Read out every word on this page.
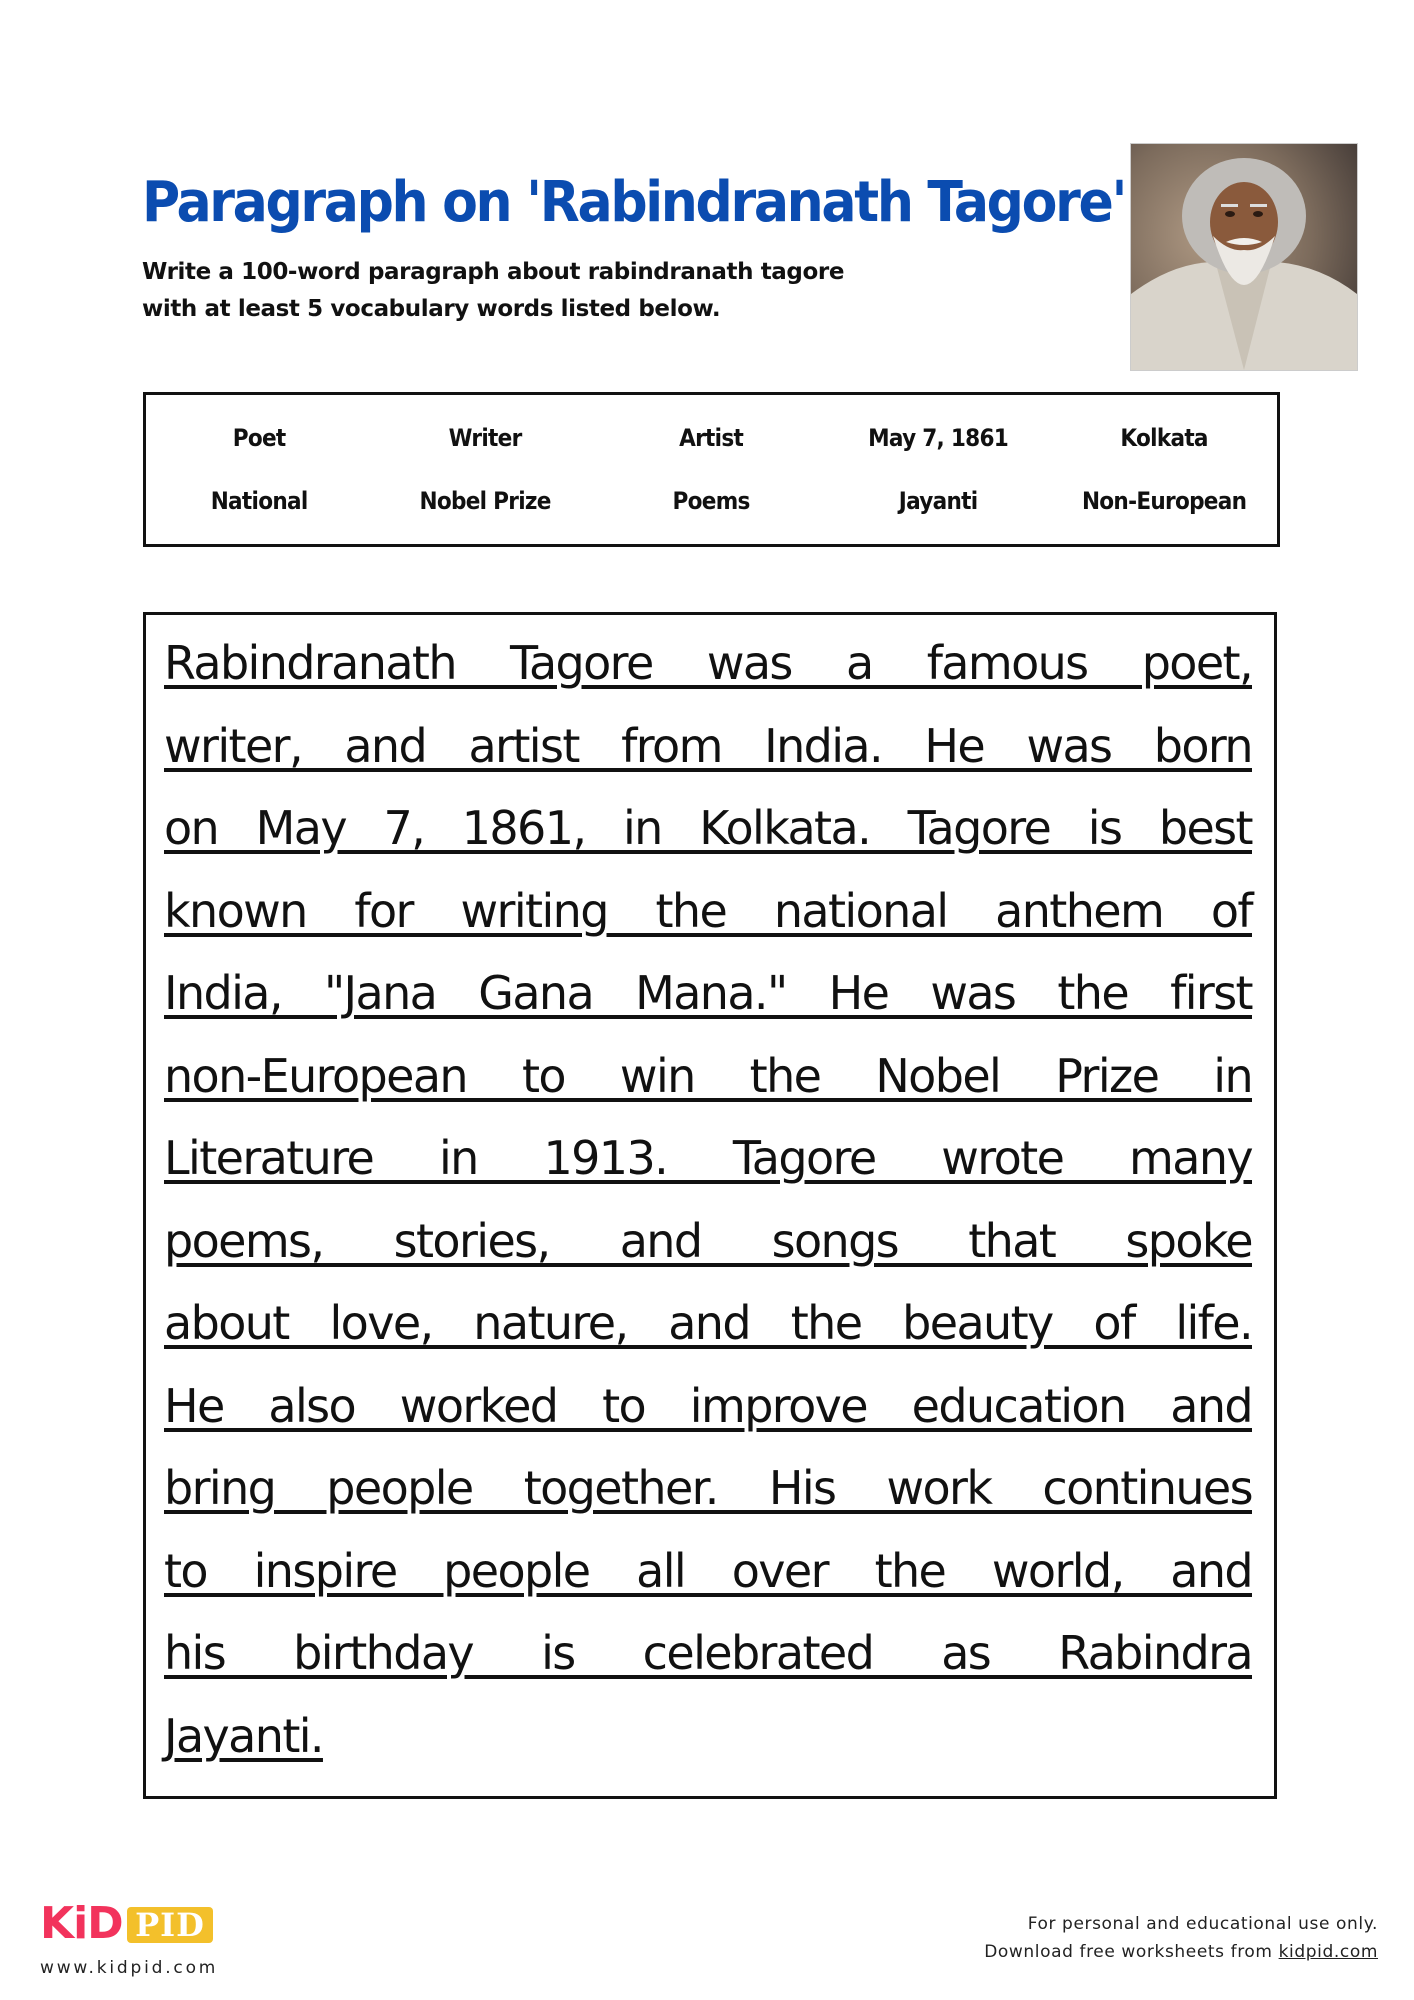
Paragraph on 'Rabindranath Tagore'
Write a 100-word paragraph about rabindranath tagore
with at least 5 vocabulary words listed below.
Poet	Writer	Artist	May 7, 1861	Kolkata
National	Nobel Prize	Poems	Jayanti	Non-European
Rabindranath Tagore was a famous poet,
writer, and artist from India. He was born
on May 7, 1861, in Kolkata. Tagore is best
known for writing the national anthem of
India, "Jana Gana Mana." He was the first
non-European to win the Nobel Prize in
Literature in 1913. Tagore wrote many
poems, stories, and songs that spoke
about love, nature, and the beauty of life.
He also worked to improve education and
bring people together. His work continues
to inspire people all over the world, and
his birthday is celebrated as Rabindra
Jayanti.
KiD PID
www.kidpid.com
For personal and educational use only.
Download free worksheets from kidpid.com
